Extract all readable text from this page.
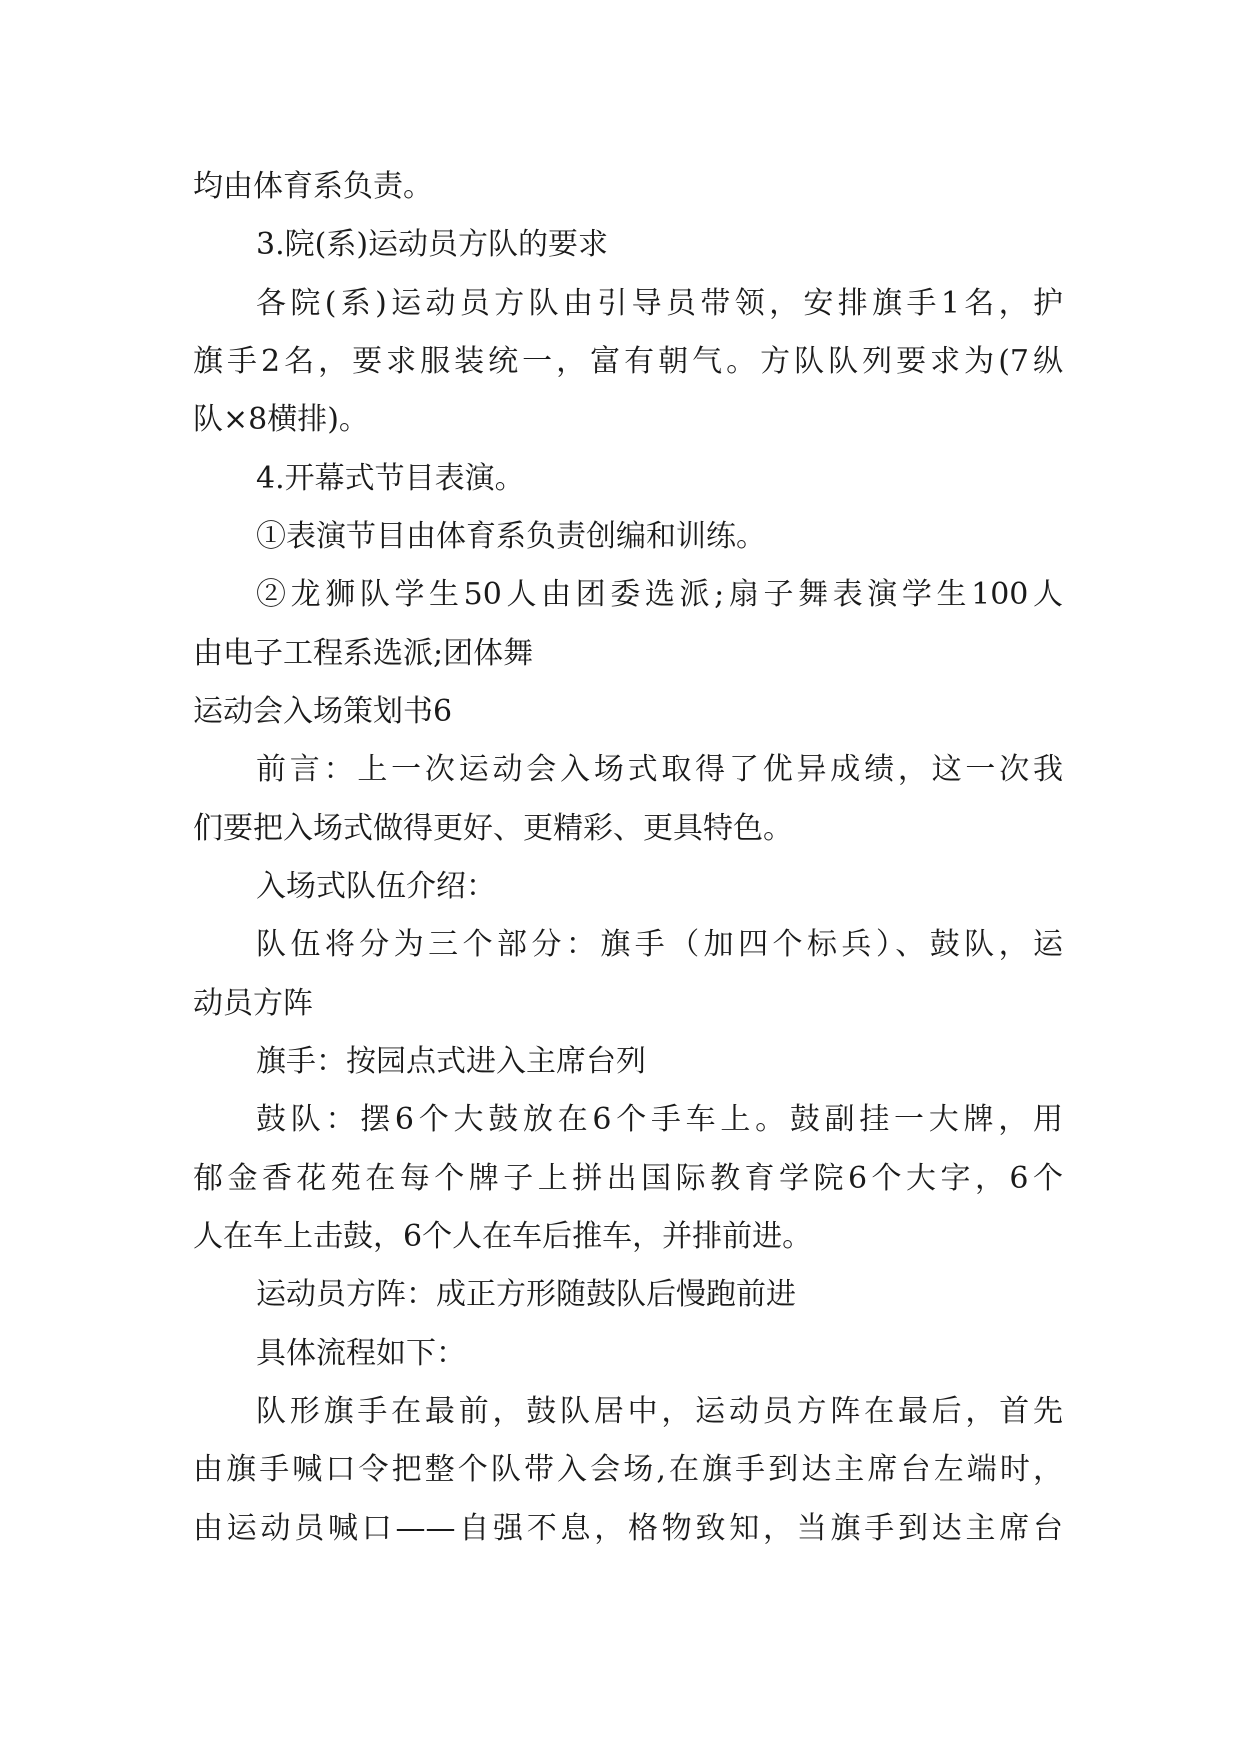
均由体育系负责。
3.院(系)运动员方队的要求
各院(系)运动员方队由引导员带领，安排旗手1名，护
旗手2名，要求服装统一，富有朝气。方队队列要求为(7纵
队×8横排)。
4.开幕式节目表演。
①表演节目由体育系负责创编和训练。
②龙狮队学生50人由团委选派;扇子舞表演学生100人
由电子工程系选派;团体舞
运动会入场策划书6
前言：上一次运动会入场式取得了优异成绩，这一次我
们要把入场式做得更好、更精彩、更具特色。
入场式队伍介绍：
队伍将分为三个部分：旗手（加四个标兵）、鼓队，运
动员方阵
旗手：按园点式进入主席台列
鼓队：摆6个大鼓放在6个手车上。鼓副挂一大牌，用
郁金香花苑在每个牌子上拼出国际教育学院6个大字，6个
人在车上击鼓，6个人在车后推车，并排前进。
运动员方阵：成正方形随鼓队后慢跑前进
具体流程如下：
队形旗手在最前，鼓队居中，运动员方阵在最后，首先
由旗手喊口令把整个队带入会场,在旗手到达主席台左端时，
由运动员喊口——自强不息，格物致知，当旗手到达主席台
